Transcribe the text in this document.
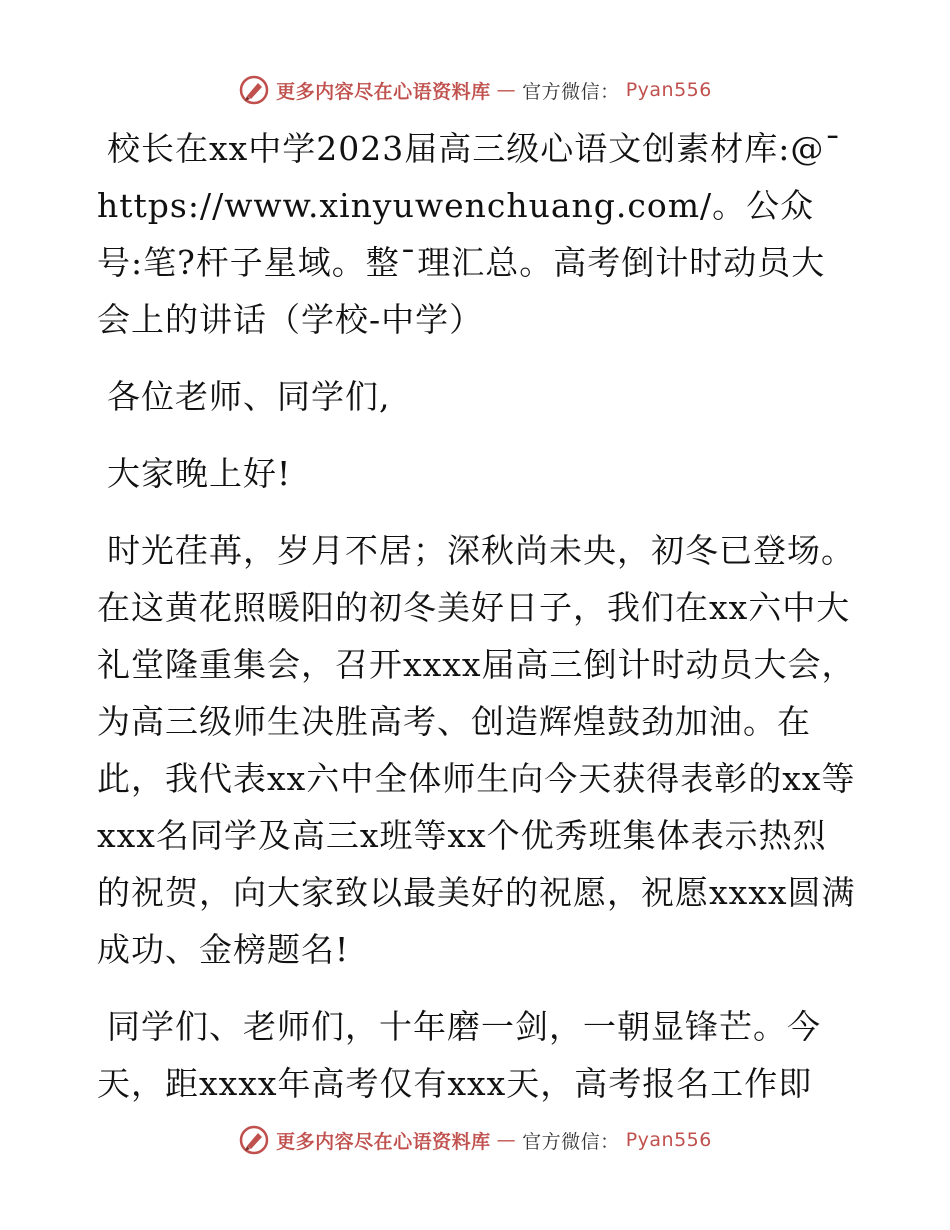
更多内容尽在心语资料库 — 官方微信： Pyan556

校长在xx中学2023届高三级心语文创素材库:@¯https://www.xinyuwenchuang.com/。公众号:笔?杆子星域。整¯理汇总。高考倒计时动员大会上的讲话（学校-中学）

各位老师、同学们,

大家晚上好!

时光荏苒，岁月不居；深秋尚未央，初冬已登场。在这黄花照暖阳的初冬美好日子，我们在xx六中大礼堂隆重集会，召开xxxx届高三倒计时动员大会，为高三级师生决胜高考、创造辉煌鼓劲加油。在此，我代表xx六中全体师生向今天获得表彰的xx等xxx名同学及高三x班等xx个优秀班集体表示热烈的祝贺，向大家致以最美好的祝愿，祝愿xxxx圆满成功、金榜题名!

同学们、老师们，十年磨一剑，一朝显锋芒。今天，距xxxx年高考仅有xxx天，高考报名工作即

更多内容尽在心语资料库 — 官方微信： Pyan556
